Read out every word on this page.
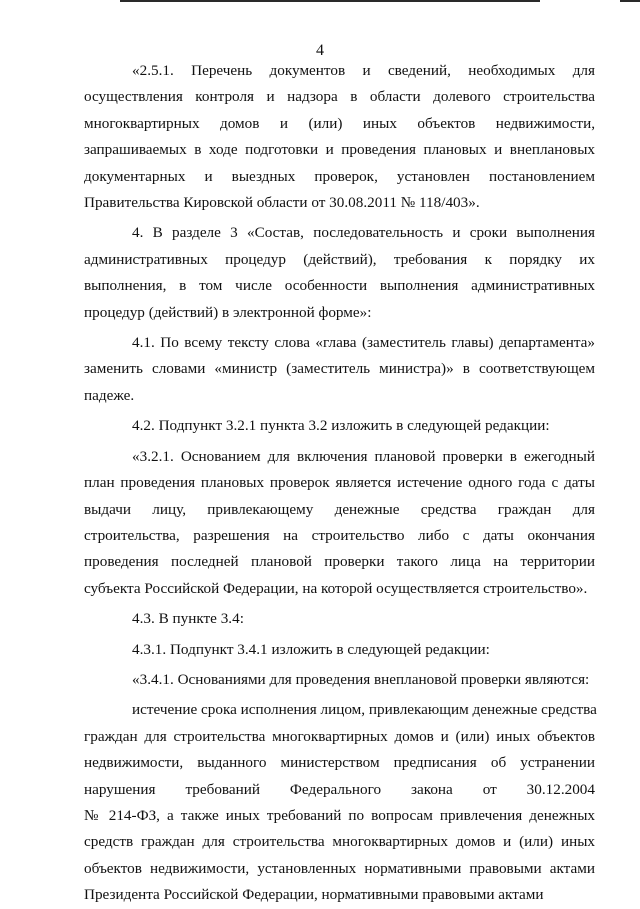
4
«2.5.1. Перечень документов и сведений, необходимых для
осуществления контроля и надзора в области долевого строительства
многоквартирных домов и (или) иных объектов недвижимости,
запрашиваемых в ходе подготовки и проведения плановых и внеплановых
документарных и выездных проверок, установлен постановлением
Правительства Кировской области от 30.08.2011 № 118/403».
4. В разделе 3 «Состав, последовательность и сроки выполнения
административных процедур (действий), требования к порядку их
выполнения, в том числе особенности выполнения административных
процедур (действий) в электронной форме»:
4.1. По всему тексту слова «глава (заместитель главы) департамента»
заменить словами «министр (заместитель министра)» в соответствующем
падеже.
4.2. Подпункт 3.2.1 пункта 3.2 изложить в следующей редакции:
«3.2.1. Основанием для включения плановой проверки в ежегодный
план проведения плановых проверок является истечение одного года с даты
выдачи лицу, привлекающему денежные средства граждан для
строительства, разрешения на строительство либо с даты окончания
проведения последней плановой проверки такого лица на территории
субъекта Российской Федерации, на которой осуществляется строительство».
4.3. В пункте 3.4:
4.3.1. Подпункт 3.4.1 изложить в следующей редакции:
«3.4.1. Основаниями для проведения внеплановой проверки являются:
истечение срока исполнения лицом, привлекающим денежные средства
граждан для строительства многоквартирных домов и (или) иных объектов
недвижимости, выданного министерством предписания об устранении
нарушения требований Федерального закона от 30.12.2004
№ 214-ФЗ, а также иных требований по вопросам привлечения денежных
средств граждан для строительства многоквартирных домов и (или) иных
объектов недвижимости, установленных нормативными правовыми актами
Президента Российской Федерации, нормативными правовыми актами
